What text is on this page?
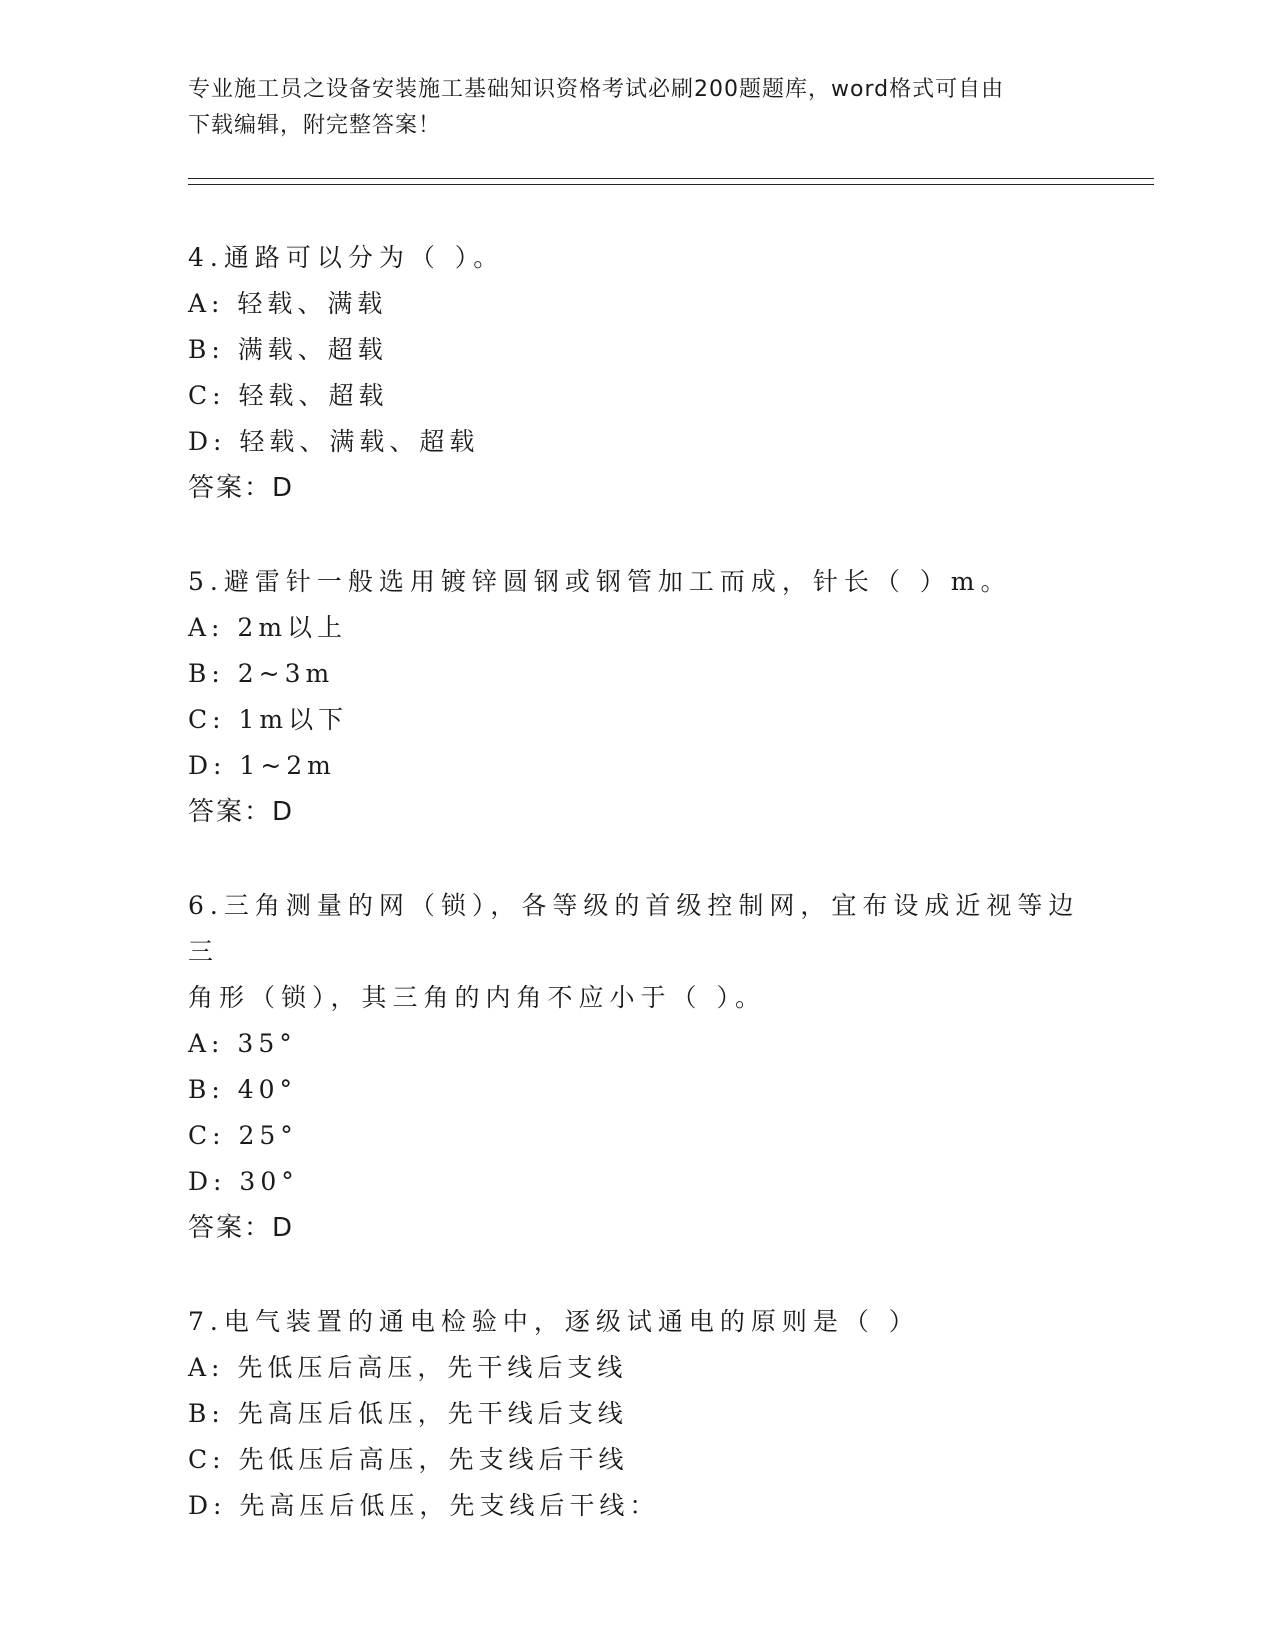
专业施工员之设备安装施工基础知识资格考试必刷200题题库，word格式可自由
下载编辑，附完整答案！

4.通路可以分为（ ）。

A: 轻载、满载

B: 满载、超载

C: 轻载、超载

D: 轻载、满载、超载

答案：D

5.避雷针一般选用镀锌圆钢或钢管加工而成，针长（ ）m。

A: 2m以上

B: 2~3m

C: 1m以下

D: 1~2m

答案：D

6.三角测量的网（锁），各等级的首级控制网，宜布设成近视等边三

角形（锁），其三角的内角不应小于（ ）。

A: 35°

B: 40°

C: 25°

D: 30°

答案：D

7.电气装置的通电检验中，逐级试通电的原则是（ ）

A: 先低压后高压，先干线后支线

B: 先高压后低压，先干线后支线

C: 先低压后高压，先支线后干线

D: 先高压后低压，先支线后干线：
